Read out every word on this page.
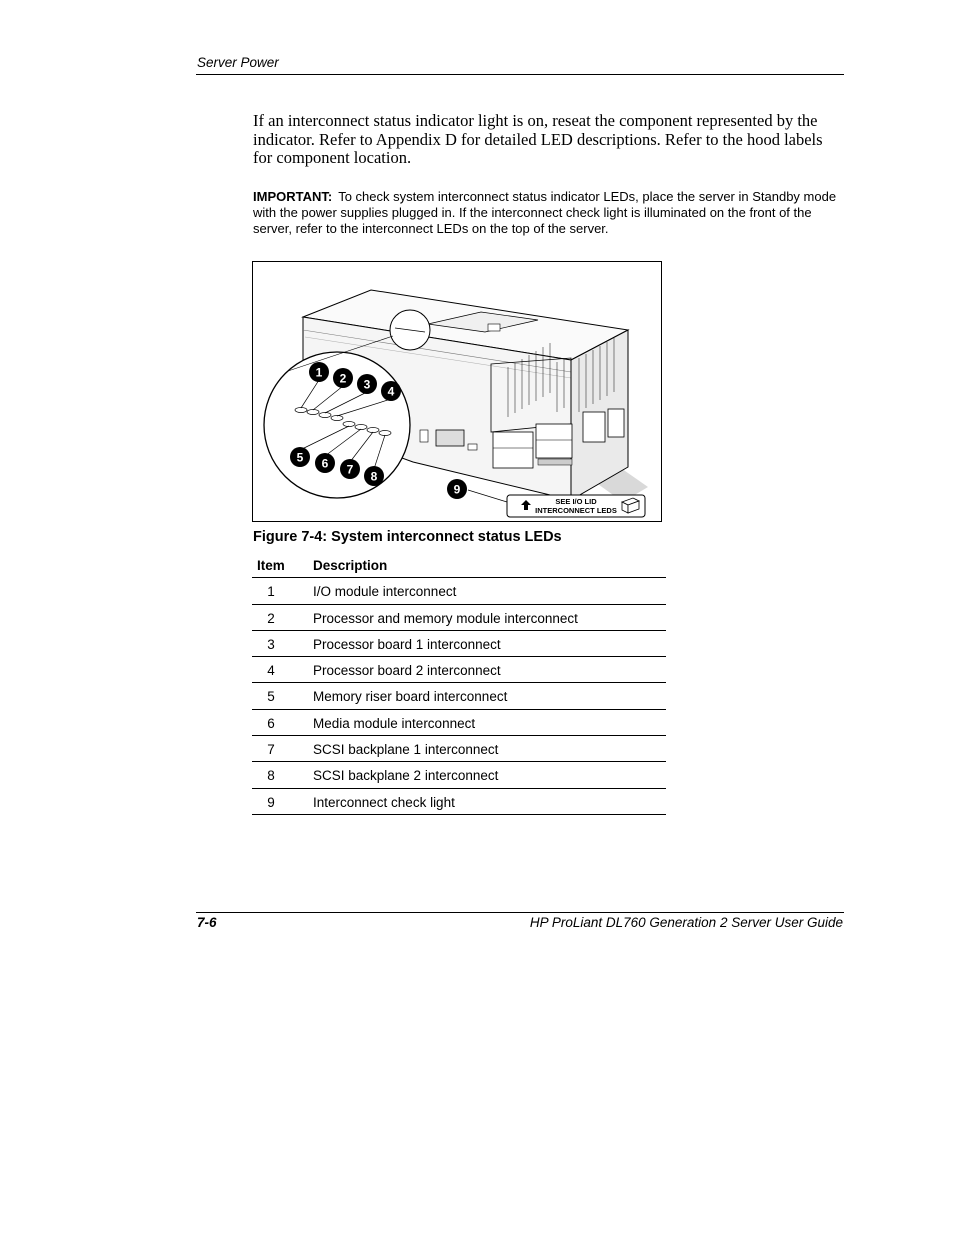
Server Power

If an interconnect status indicator light is on, reseat the component represented by the indicator. Refer to Appendix D for detailed LED descriptions. Refer to the hood labels for component location.

IMPORTANT: To check system interconnect status indicator LEDs, place the server in Standby mode with the power supplies plugged in. If the interconnect check light is illuminated on the front of the server, refer to the interconnect LEDs on the top of the server.

1 2 3 4
5 6 7 8
9
SEE I/O LID
INTERCONNECT LEDS
Figure 7-4: System interconnect status LEDs
Item Description
1	I/O module interconnect
2	Processor and memory module interconnect
3	Processor board 1 interconnect
4	Processor board 2 interconnect
5	Memory riser board interconnect
6	Media module interconnect
7	SCSI backplane 1 interconnect
8	SCSI backplane 2 interconnect
9	Interconnect check light
7-6	HP ProLiant DL760 Generation 2 Server User Guide
